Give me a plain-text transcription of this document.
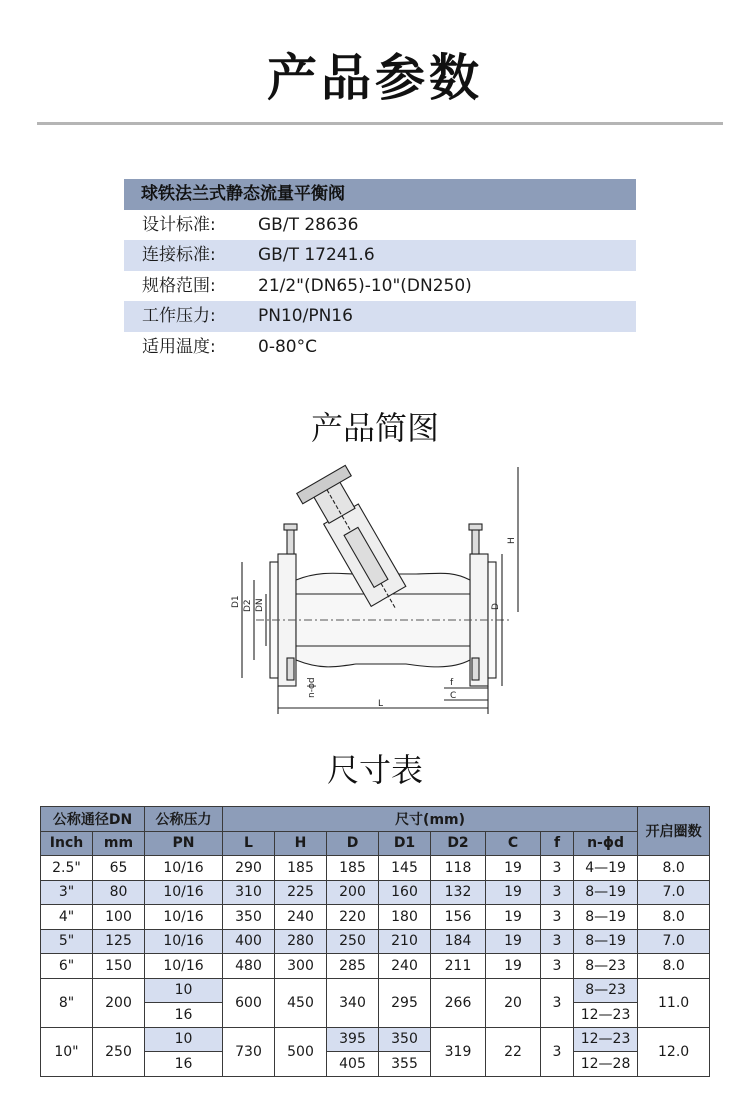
产品参数
球铁法兰式静态流量平衡阀
设计标准:	GB/T 28636
连接标准:	GB/T 17241.6
规格范围:	21/2"(DN65)-10"(DN250)
工作压力:	PN10/PN16
适用温度:	0-80°C
产品简图
D1 D2 DN	D
H
L
f
C
n-ϕd
尺寸表
公称通径DN		公称压力	尺寸(mm)								开启圈数
Inch	mm	PN	L	H	D	D1	D2	C	f	n-ϕd	
2.5"	65	10/16	290	185	185	145	118	19	3	4—19	8.0
3"	80	10/16	310	225	200	160	132	19	3	8—19	7.0
4"	100	10/16	350	240	220	180	156	19	3	8—19	8.0
5"	125	10/16	400	280	250	210	184	19	3	8—19	7.0
6"	150	10/16	480	300	285	240	211	19	3	8—23	8.0
8"	200	10	600	450	340	295	266	20	3	8—23	11.0
		16								12—23	
10"	250	10	730	500	395	350	319	22	3	12—23	12.0
		16			405	355				12—28	
